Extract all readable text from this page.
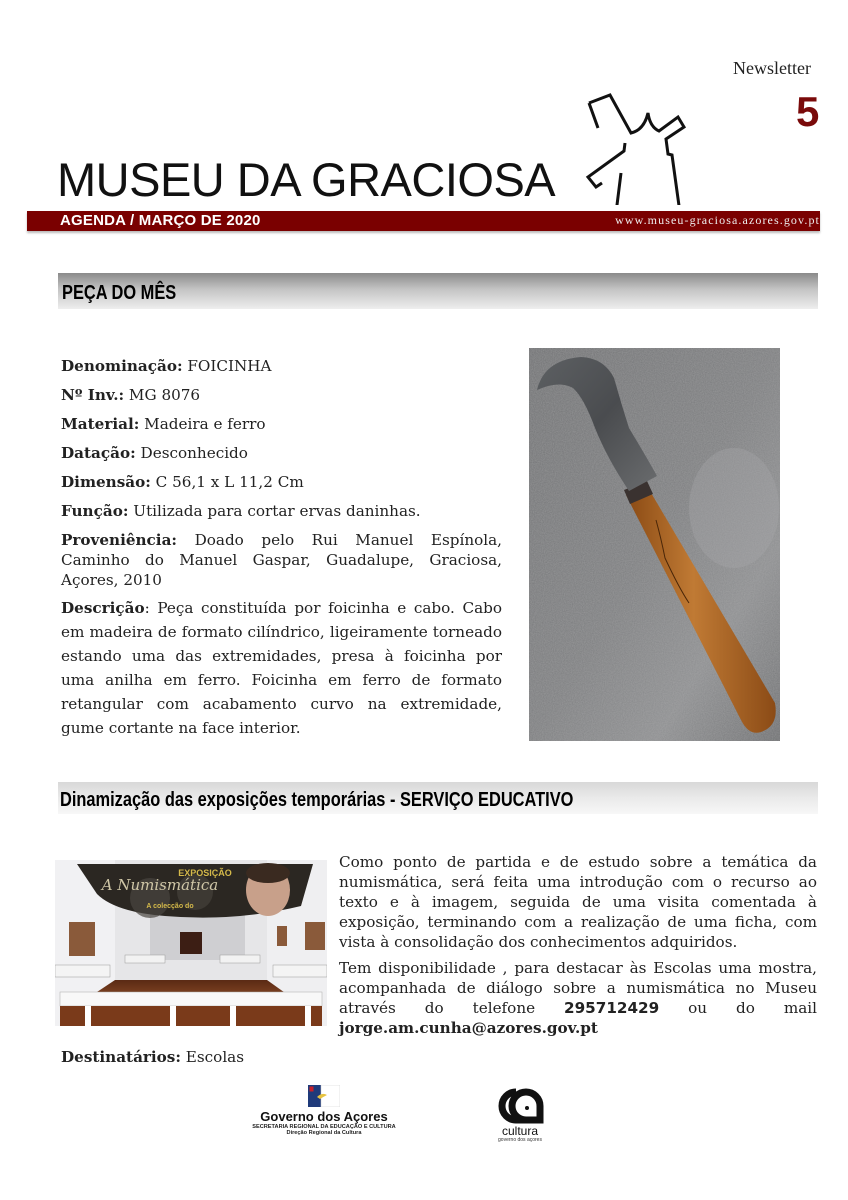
Newsletter
5
MUSEU DA GRACIOSA
AGENDA / MARÇO DE 2020	www.museu-graciosa.azores.gov.pt
PEÇA DO MÊS

Denominação: FOICINHA

Nº Inv.: MG 8076

Material: Madeira e ferro

Datação: Desconhecido

Dimensão: C 56,1 x L 11,2 Cm

Função: Utilizada para cortar ervas daninhas.

Proveniência: Doado pelo Rui Manuel Espínola, Caminho do Manuel Gaspar, Guadalupe, Graciosa, Açores, 2010

Descrição: Peça constituída por foicinha e cabo. Cabo em madeira de formato cilíndrico, ligeiramente torneado estando uma das extremidades, presa à foicinha por uma anilha em ferro. Foicinha em ferro de formato retangular com acabamento curvo na extremidade, gume cortante na face interior.

Dinamização das exposições temporárias - SERVIÇO EDUCATIVO
EXPOSIÇÃO
A Numismática
A colecção do

Como ponto de partida e de estudo sobre a temática da numismática, será feita uma introdução com o recurso ao texto e à imagem, seguida de uma visita comentada à exposição, terminando com a realização de uma ficha, com vista à consolidação dos conhecimentos adquiridos.

Tem disponibilidade , para destacar às Escolas uma mostra, acompanhada de diálogo sobre a numismática no Museu através do telefone 295712429 ou do mail jorge.am.cunha@azores.gov.pt

Destinatários: Escolas
Governo dos Açores
SECRETARIA REGIONAL DA EDUCAÇÃO E CULTURA
Direção Regional da Cultura	cultura
governo dos açores
